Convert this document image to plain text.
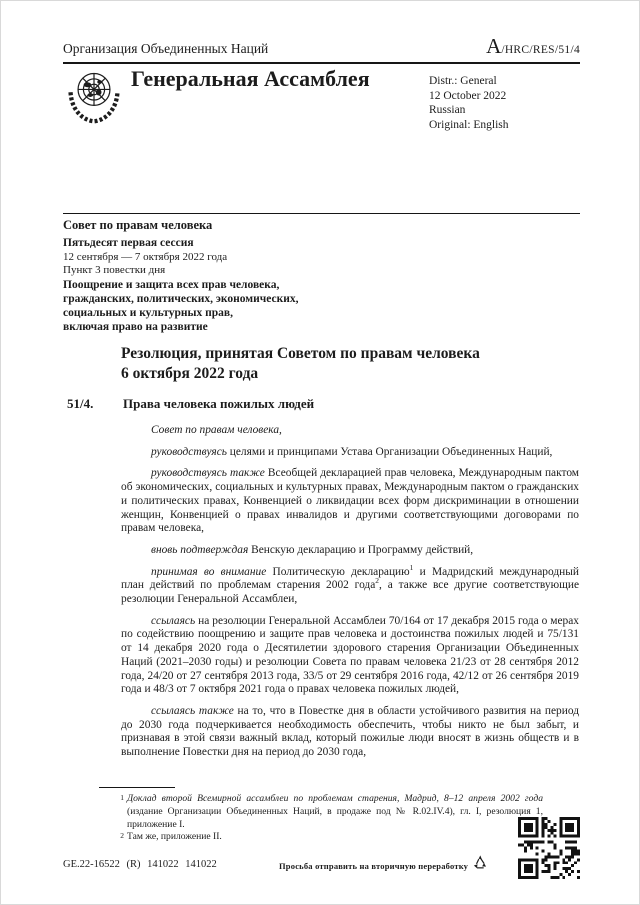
Организация Объединенных Наций	A/HRC/RES/51/4
Генеральная Ассамблея	Distr.: General
12 October 2022
Russian
Original: English
Совет по правам человека
Пятьдесят первая сессия
12 сентября — 7 октября 2022 года
Пункт 3 повестки дня
Поощрение и защита всех прав человека,
гражданских, политических, экономических,
социальных и культурных прав,
включая право на развитие
Резолюция, принятая Советом по правам человека
6 октября 2022 года
51/4.	Права человека пожилых людей

Совет по правам человека,

руководствуясь целями и принципами Устава Организации Объединенных Наций,

руководствуясь также Всеобщей декларацией прав человека, Международным пактом об экономических, социальных и культурных правах, Международным пактом о гражданских и политических правах, Конвенцией о ликвидации всех форм дискриминации в отношении женщин, Конвенцией о правах инвалидов и другими соответствующими договорами по правам человека,

вновь подтверждая Венскую декларацию и Программу действий,

принимая во внимание Политическую декларацию$^1$ и Мадридский международный план действий по проблемам старения 2002 года$^2$, а также все другие соответствующие резолюции Генеральной Ассамблеи,

ссылаясь на резолюции Генеральной Ассамблеи 70/164 от 17 декабря 2015 года о мерах по содействию поощрению и защите прав человека и достоинства пожилых людей и 75/131 от 14 декабря 2020 года о Десятилетии здорового старения Организации Объединенных Наций (2021–2030 годы) и резолюции Совета по правам человека 21/23 от 28 сентября 2012 года, 24/20 от 27 сентября 2013 года, 33/5 от 29 сентября 2016 года, 42/12 от 26 сентября 2019 года и 48/3 от 7 октября 2021 года о правах человека пожилых людей,

ссылаясь также на то, что в Повестке дня в области устойчивого развития на период до 2030 года подчеркивается необходимость обеспечить, чтобы никто не был забыт, и признавая в этой связи важный вклад, который пожилые люди вносят в жизнь обществ и в выполнение Повестки дня на период до 2030 года,

1 Доклад второй Всемирной ассамблеи по проблемам старения, Мадрид, 8–12 апреля 2002 года (издание Организации Объединенных Наций, в продаже под № R.02.IV.4), гл. I, резолюция 1, приложение I.
2 Там же, приложение II.
GE.22-16522 (R) 141022 141022	Просьба отправить на вторичную переработку
